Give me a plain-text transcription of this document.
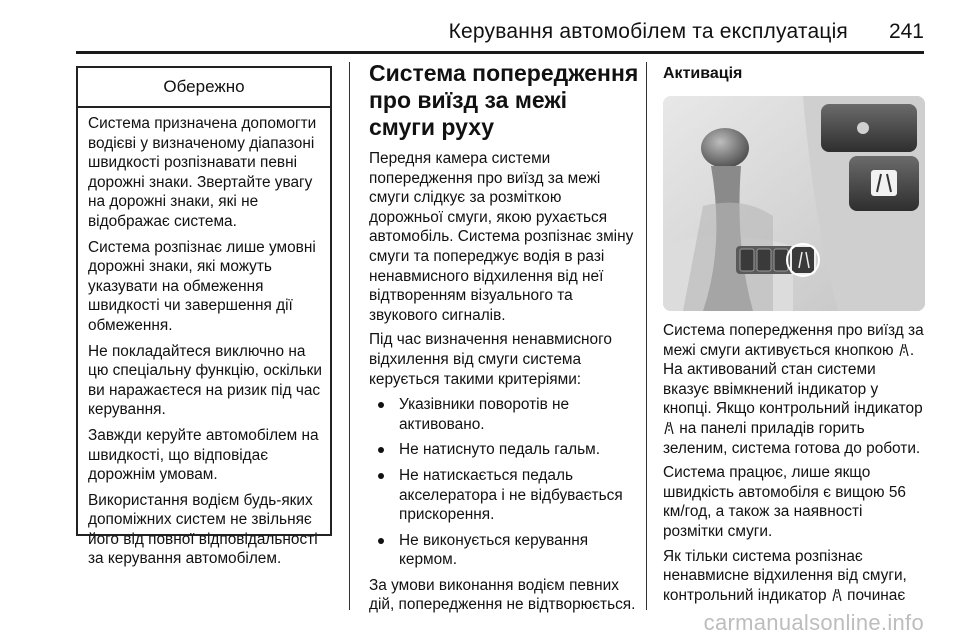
Керування автомобілем та експлуатація 241
Обережно

Система призначена допомогти водієві у визначеному діапазоні швидкості розпізнавати певні дорожні знаки. Звертайте увагу на дорожні знаки, які не відображає система.

Система розпізнає лише умовні дорожні знаки, які можуть указувати на обмеження швидкості чи завершення дії обмеження.

Не покладайтеся виключно на цю спеціальну функцію, оскільки ви наражаєтеся на ризик під час керування.

Завжди керуйте автомобілем на швидкості, що відповідає дорожнім умовам.

Використання водієм будь-яких допоміжних систем не звільняє його від повної відповідальності за керування автомобілем.

Система попередження про виїзд за межі смуги руху

Передня камера системи попередження про виїзд за межі смуги слідкує за розміткою дорожньої смуги, якою рухається автомобіль. Система розпізнає зміну смуги та попереджує водія в разі ненавмисного відхилення від неї відтворенням візуального та звукового сигналів.

Під час визначення ненавмисного відхилення від смуги система керується такими критеріями:

Указівники поворотів не активовано.
Не натиснуто педаль гальм.
Не натискається педаль акселератора і не відбувається прискорення.
Не виконується керування кермом.

За умови виконання водієм певних дій, попередження не відтворюється.

Активація

Система попередження про виїзд за межі смуги активується кнопкою . На активований стан системи вказує ввімкнений індикатор у кнопці. Якщо контрольний індикатор  на панелі приладів горить зеленим, система готова до роботи.

Система працює, лише якщо швидкість автомобіля є вищою 56 км/год, а також за наявності розмітки смуги.

Як тільки система розпізнає ненавмисне відхилення від смуги, контрольний індикатор починає

carmanualsonline.info
